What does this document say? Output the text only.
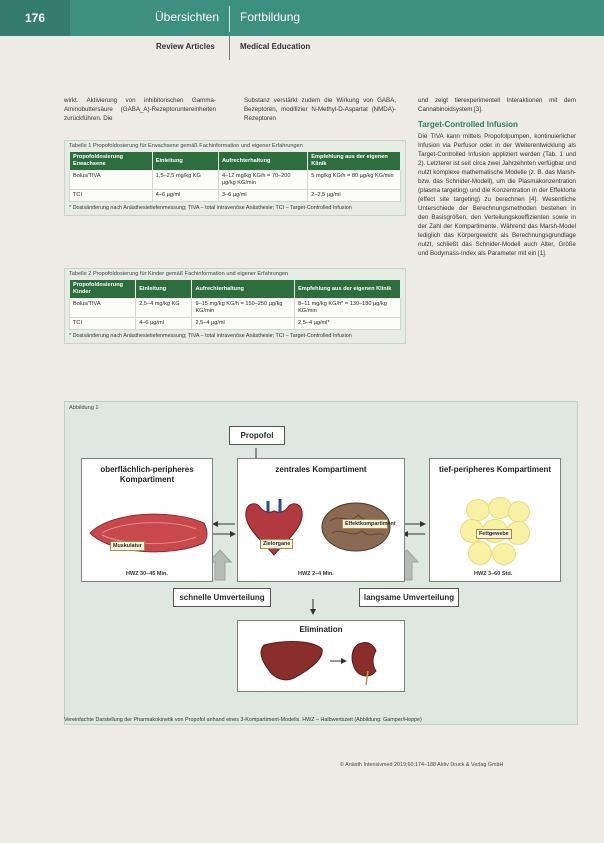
176	Übersichten Fortbildung
Review Articles	Medical Education

wirkt. Aktivierung von inhibitorischen Gamma-Aminobuttersäure (GABA_A)-Rezeptoruntereinheiten zurückführen. Die

Substanz verstärkt zudem die Wirkung von GABA, Bezeptoren, modifizier N-Methyl-D-Aspartat (NMDA)-Rezeptoren

und zeigt tierexperimentell Interaktionen mit dem Cannabinoidsystem [3].

Target-Controlled Infusion

Die TIVA kann mittels Propofolpumpen, kontinuierlicher Infusion via Perfusor oder in der Weiterentwicklung als Target-Controlled Infusion appliziert werden (Tab. 1 und 2). Letzterer ist seit circa zwei Jahrzehnten verfügbar und nutzt komplexe mathematische Modelle (z. B. das Marsh- bzw. das Schnider-Modell), um die Plasmakonzentration (plasma targeting) und die Konzentration in der Effektorte (effect site targeting) zu berechnen [4]. Wesentliche Unterschiede der Berechnungsmethoden bestehen in den Basisgrößen, den Verteilungskoeffizienten sowie in der Zahl der Kompartimente. Während das Marsh-Model lediglich das Körpergewicht als Berechnungsgrundlage nutzt, schließt das Schnider-Modell auch Alter, Größe und Bodymass-Index als Parameter mit ein [1].

Tabelle 1 Propofoldosierung für Erwachsene gemäß Fachinformation und eigener Erfahrungen
Propofoldosierung Erwachsene	Einleitung	Aufrechterhaltung	Empfehlung aus der eigenen Klinik
Bolus/TIVA	1,5–2,5 mg/kg KG	4–12 mg/kg KG/h = 70–200 µg/kg KG/min	5 mg/kg KG/h = 80 µg/kg KG/min
TCI	4–6 µg/ml	3–6 µg/ml	2–2,5 µg/ml
* Dosisänderung nach Anästhesietiefenmessung; TIVA – total intravenöse Anästhesie; TCI – Target-Controlled Infusion
Tabelle 2 Propofoldosierung für Kinder gemäß Fachinformation und eigener Erfahrungen
Propofoldosierung Kinder	Einleitung	Aufrechterhaltung	Empfehlung aus der eigenen Klinik
Bolus/TIVA	2,5–4 mg/kg KG	9–15 mg/kg KG/h = 150–250 µg/kg KG/min	8–11 mg/kg KG/h* = 130–180 µg/kg KG/min
TCI	4–6 µg/ml	2,5–4 µg/ml	2,5–4 µg/ml*
* Dosisänderung nach Anästhesietiefenmessung; TIVA – total intravenöse Anästhesie; TCI – Target-Controlled Infusion
Abbildung 1
Propofol
oberflächlich-peripheres Kompartiment
Muskulatur
HWZ 30–45 Min.
zentrales Kompartiment
Zielorgane
Effektkompartiment
HWZ 2–4 Min.
tief-peripheres Kompartiment
Fettgewebe
HWZ 3–60 Std.
schnelle Umverteilung	langsame Umverteilung
Elimination
Vereinfachte Darstellung der Pharmakokinetik von Propofol anhand eines 3-Kompartiment-Modells. HWZ – Halbwertszeit (Abbildung: Gamper/Hoppe)
© Anästh Intensivmed 2019;60:174–188 Aktiv Druck & Verlag GmbH
